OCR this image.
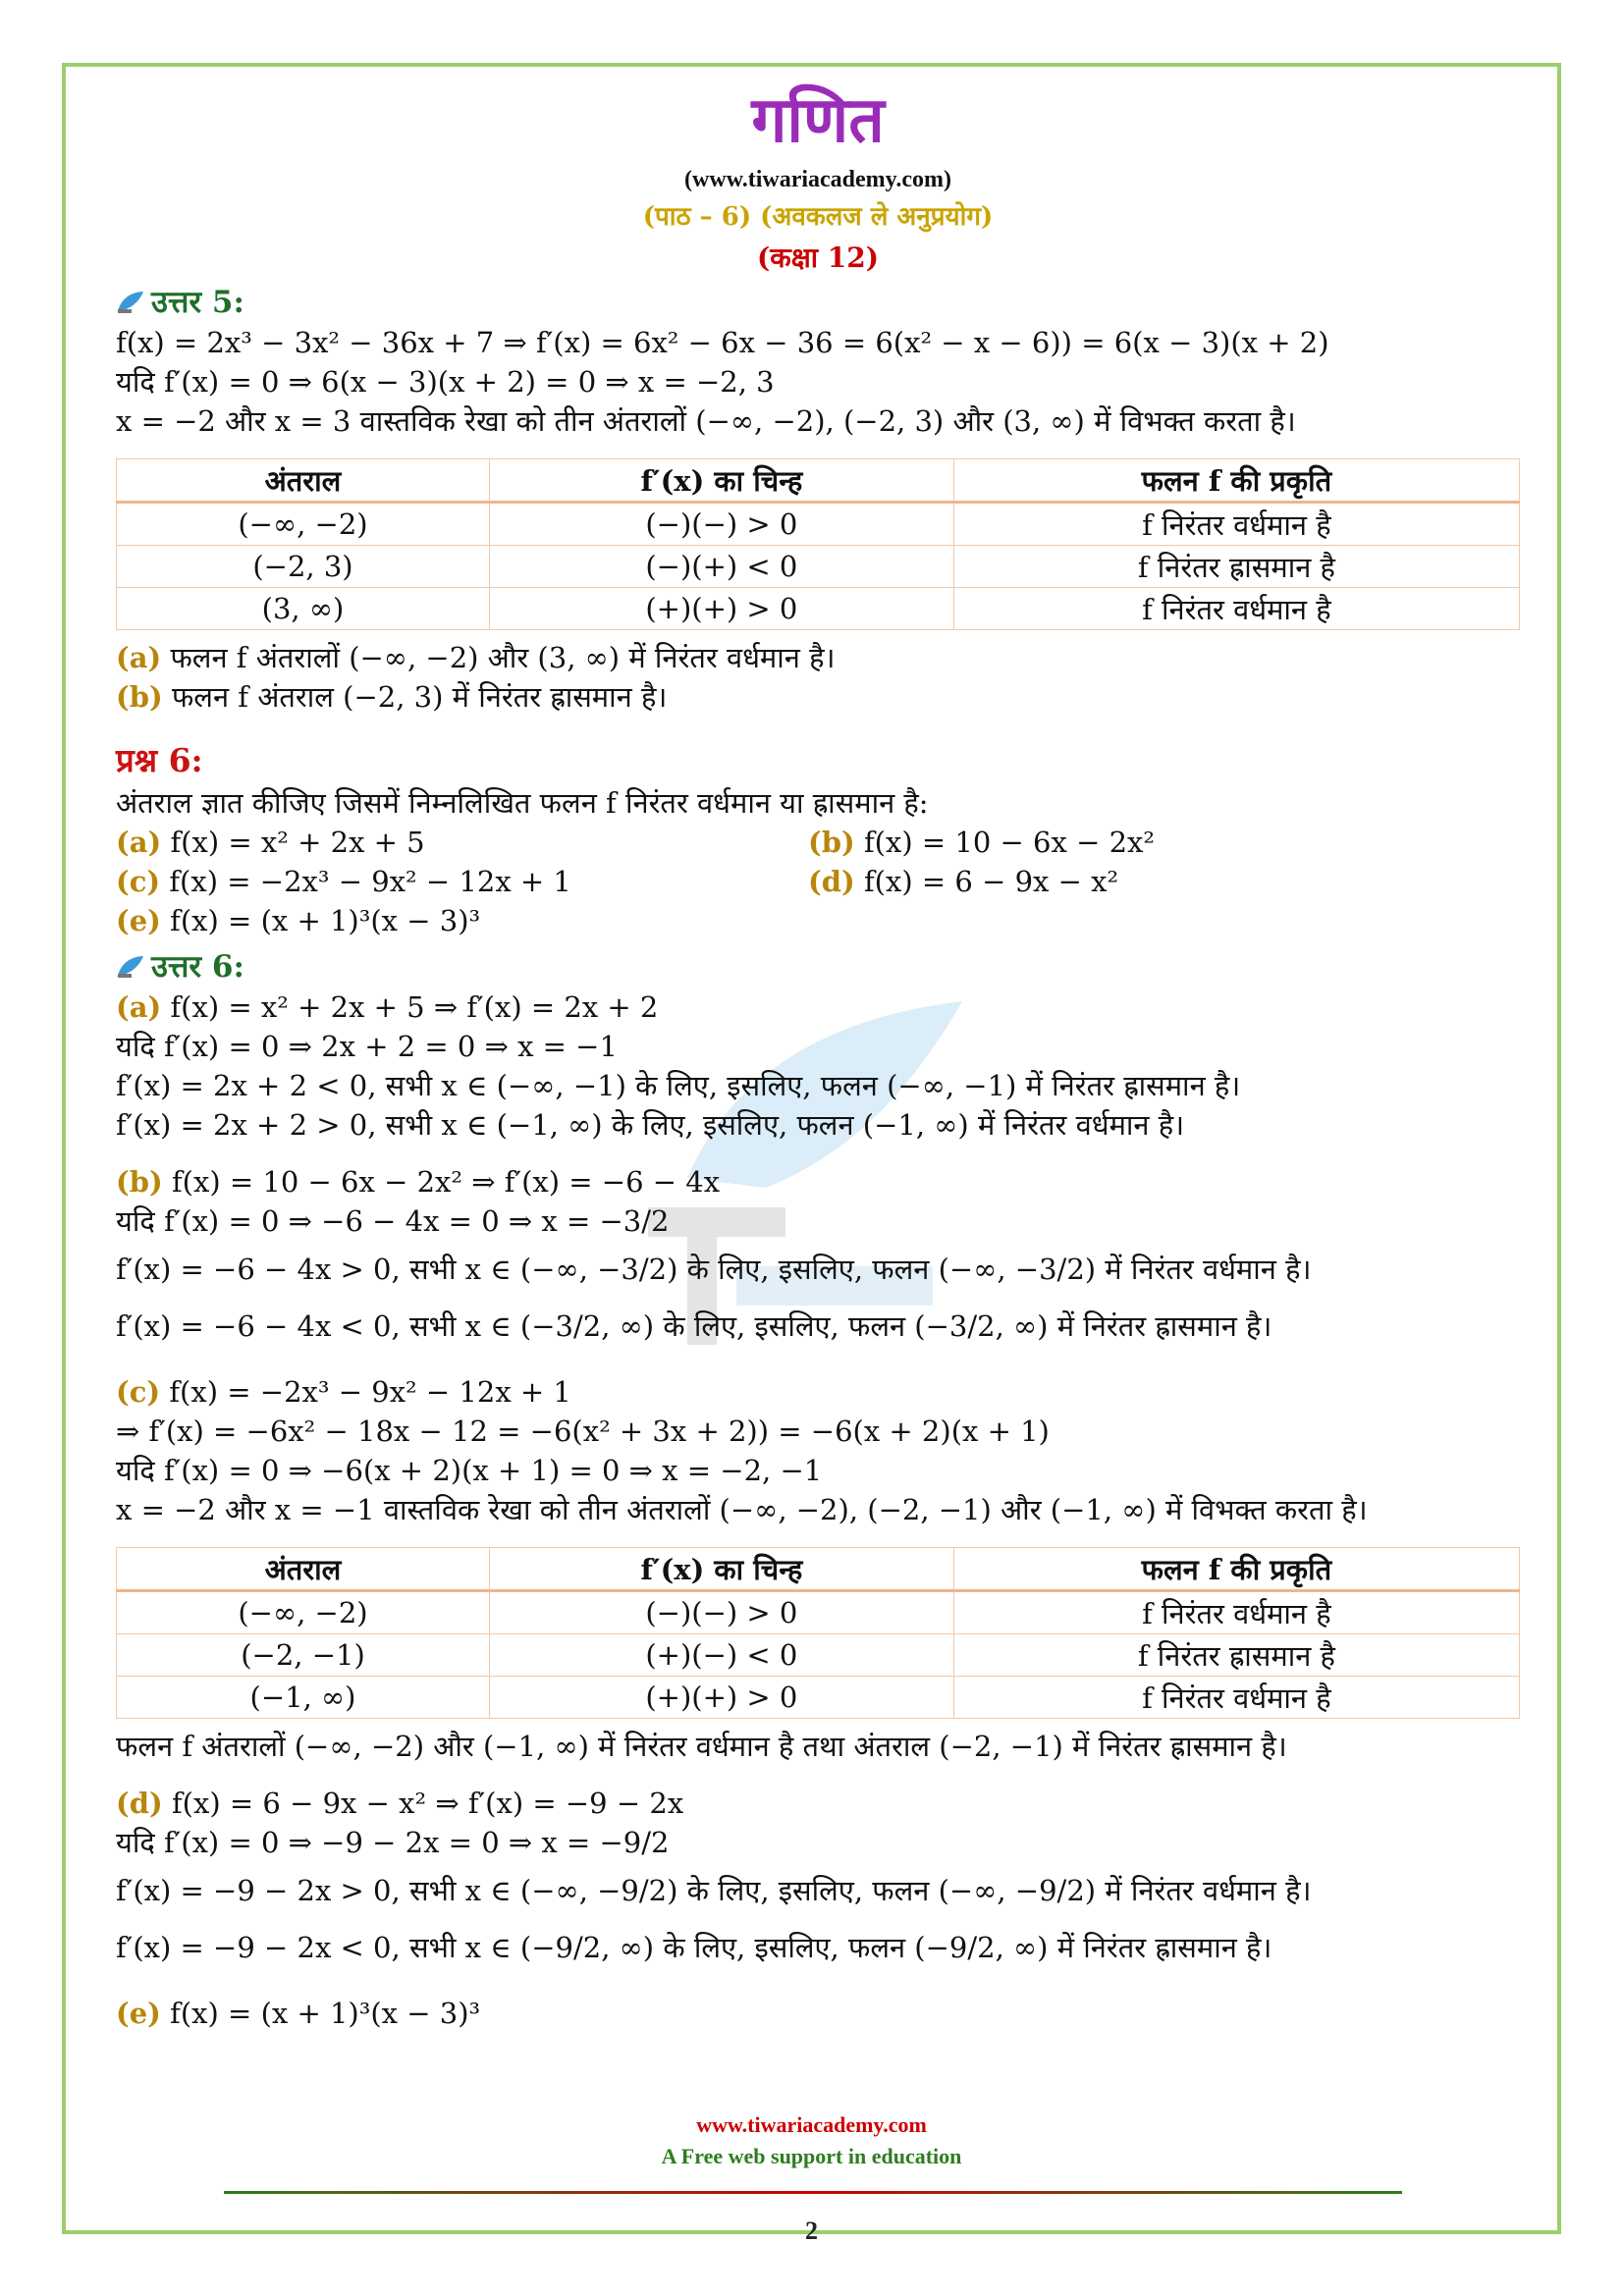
गणित
(www.tiwariacademy.com)
(पाठ – 6) (अवकलज ले अनुप्रयोग)
(कक्षा 12)
उत्तर 5:
f(x) = 2x³ − 3x² − 36x + 7 ⇒ f′(x) = 6x² − 6x − 36 = 6(x² − x − 6)) = 6(x − 3)(x + 2)
यदि f′(x) = 0 ⇒ 6(x − 3)(x + 2) = 0 ⇒ x = −2, 3
x = −2 और x = 3 वास्तविक रेखा को तीन अंतरालों (−∞, −2), (−2, 3) और (3, ∞) में विभक्त करता है।
अंतराल	f′(x) का चिन्ह	फलन f की प्रकृति
(−∞, −2)	(−)(−) > 0	f निरंतर वर्धमान है
(−2, 3)	(−)(+) < 0	f निरंतर ह्रासमान है
(3, ∞)	(+)(+) > 0	f निरंतर वर्धमान है
(a) फलन f अंतरालों (−∞, −2) और (3, ∞) में निरंतर वर्धमान है।
(b) फलन f अंतराल (−2, 3) में निरंतर ह्रासमान है।
प्रश्न 6:
अंतराल ज्ञात कीजिए जिसमें निम्नलिखित फलन f निरंतर वर्धमान या ह्रासमान है:
(a) f(x) = x² + 2x + 5	(b) f(x) = 10 − 6x − 2x²
(c) f(x) = −2x³ − 9x² − 12x + 1	(d) f(x) = 6 − 9x − x²
(e) f(x) = (x + 1)³(x − 3)³
उत्तर 6:
(a) f(x) = x² + 2x + 5 ⇒ f′(x) = 2x + 2
यदि f′(x) = 0 ⇒ 2x + 2 = 0 ⇒ x = −1
f′(x) = 2x + 2 < 0, सभी x ∈ (−∞, −1) के लिए, इसलिए, फलन (−∞, −1) में निरंतर ह्रासमान है।
f′(x) = 2x + 2 > 0, सभी x ∈ (−1, ∞) के लिए, इसलिए, फलन (−1, ∞) में निरंतर वर्धमान है।
(b) f(x) = 10 − 6x − 2x² ⇒ f′(x) = −6 − 4x
यदि f′(x) = 0 ⇒ −6 − 4x = 0 ⇒ x = −3/2
f′(x) = −6 − 4x > 0, सभी x ∈ (−∞, −3/2) के लिए, इसलिए, फलन (−∞, −3/2) में निरंतर वर्धमान है।
f′(x) = −6 − 4x < 0, सभी x ∈ (−3/2, ∞) के लिए, इसलिए, फलन (−3/2, ∞) में निरंतर ह्रासमान है।
(c) f(x) = −2x³ − 9x² − 12x + 1
⇒ f′(x) = −6x² − 18x − 12 = −6(x² + 3x + 2)) = −6(x + 2)(x + 1)
यदि f′(x) = 0 ⇒ −6(x + 2)(x + 1) = 0 ⇒ x = −2, −1
x = −2 और x = −1 वास्तविक रेखा को तीन अंतरालों (−∞, −2), (−2, −1) और (−1, ∞) में विभक्त करता है।
अंतराल	f′(x) का चिन्ह	फलन f की प्रकृति
(−∞, −2)	(−)(−) > 0	f निरंतर वर्धमान है
(−2, −1)	(+)(−) < 0	f निरंतर ह्रासमान है
(−1, ∞)	(+)(+) > 0	f निरंतर वर्धमान है
फलन f अंतरालों (−∞, −2) और (−1, ∞) में निरंतर वर्धमान है तथा अंतराल (−2, −1) में निरंतर ह्रासमान है।
(d) f(x) = 6 − 9x − x² ⇒ f′(x) = −9 − 2x
यदि f′(x) = 0 ⇒ −9 − 2x = 0 ⇒ x = −9/2
f′(x) = −9 − 2x > 0, सभी x ∈ (−∞, −9/2) के लिए, इसलिए, फलन (−∞, −9/2) में निरंतर वर्धमान है।
f′(x) = −9 − 2x < 0, सभी x ∈ (−9/2, ∞) के लिए, इसलिए, फलन (−9/2, ∞) में निरंतर ह्रासमान है।
(e) f(x) = (x + 1)³(x − 3)³
www.tiwariacademy.com
A Free web support in education
2
